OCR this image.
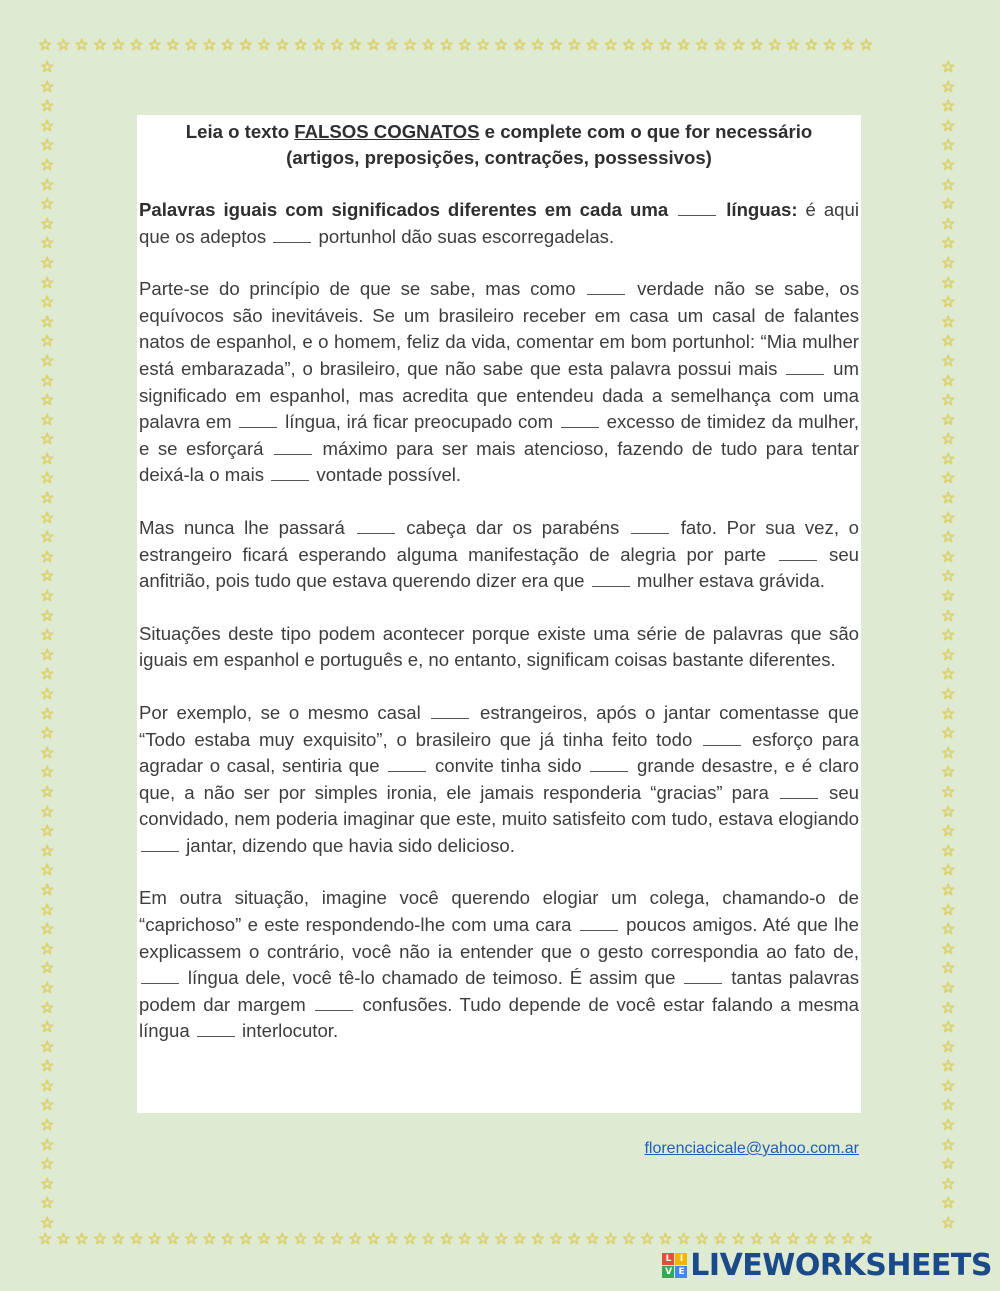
☆☆☆☆☆☆☆☆☆☆☆☆☆☆☆☆☆☆☆☆☆☆☆☆☆☆☆☆☆☆☆☆☆☆☆☆☆☆☆☆☆☆☆☆☆☆
☆☆☆☆☆☆☆☆☆☆☆☆☆☆☆☆☆☆☆☆☆☆☆☆☆☆☆☆☆☆☆☆☆☆☆☆☆☆☆☆☆☆☆☆☆☆
☆☆☆☆☆☆☆☆☆☆☆☆☆☆☆☆☆☆☆☆☆☆☆☆☆☆☆☆☆☆☆☆☆☆☆☆☆☆☆☆☆☆☆☆☆☆☆☆☆☆☆☆☆☆☆☆☆☆☆☆
☆☆☆☆☆☆☆☆☆☆☆☆☆☆☆☆☆☆☆☆☆☆☆☆☆☆☆☆☆☆☆☆☆☆☆☆☆☆☆☆☆☆☆☆☆☆☆☆☆☆☆☆☆☆☆☆☆☆☆☆
Leia o texto FALSOS COGNATOS e complete com o que for necessário
(artigos, preposições, contrações, possessivos)

Palavras iguais com significados diferentes em cada uma	línguas: é aqui que os adeptos	portunhol dão suas escorregadelas.

Parte-se do princípio de que se sabe, mas como	verdade não se sabe, os equívocos são inevitáveis. Se um brasileiro receber em casa um casal de falantes natos de espanhol, e o homem, feliz da vida, comentar em bom portunhol: “Mia mulher está embarazada”, o brasileiro, que não sabe que esta palavra possui mais	um significado em espanhol, mas acredita que entendeu dada a semelhança com uma palavra em	língua, irá ficar preocupado com	excesso de timidez da mulher, e se esforçará	máximo para ser mais atencioso, fazendo de tudo para tentar deixá-la o mais	vontade possível.

Mas nunca lhe passará	cabeça dar os parabéns	fato. Por sua vez, o estrangeiro ficará esperando alguma manifestação de alegria por parte	seu anfitrião, pois tudo que estava querendo dizer era que	mulher estava grávida.

Situações deste tipo podem acontecer porque existe uma série de palavras que são iguais em espanhol e português e, no entanto, significam coisas bastante diferentes.

Por exemplo, se o mesmo casal	estrangeiros, após o jantar comentasse que “Todo estaba muy exquisito”, o brasileiro que já tinha feito todo	esforço para agradar o casal, sentiria que	convite tinha sido	grande desastre, e é claro que, a não ser por simples ironia, ele jamais responderia “gracias” para	seu convidado, nem poderia imaginar que este, muito satisfeito com tudo, estava elogiando  jantar, dizendo que havia sido delicioso.

Em outra situação, imagine você querendo elogiar um colega, chamando-o de “caprichoso” e este respondendo-lhe com uma cara	poucos amigos. Até que lhe explicassem o contrário, você não ia entender que o gesto correspondia ao fato de,  língua dele, você tê-lo chamado de teimoso. É assim que	tantas palavras podem dar margem	confusões. Tudo depende de você estar falando a mesma língua	interlocutor.

florenciacicale@yahoo.com.ar
L I
V E LIVEWORKSHEETS
